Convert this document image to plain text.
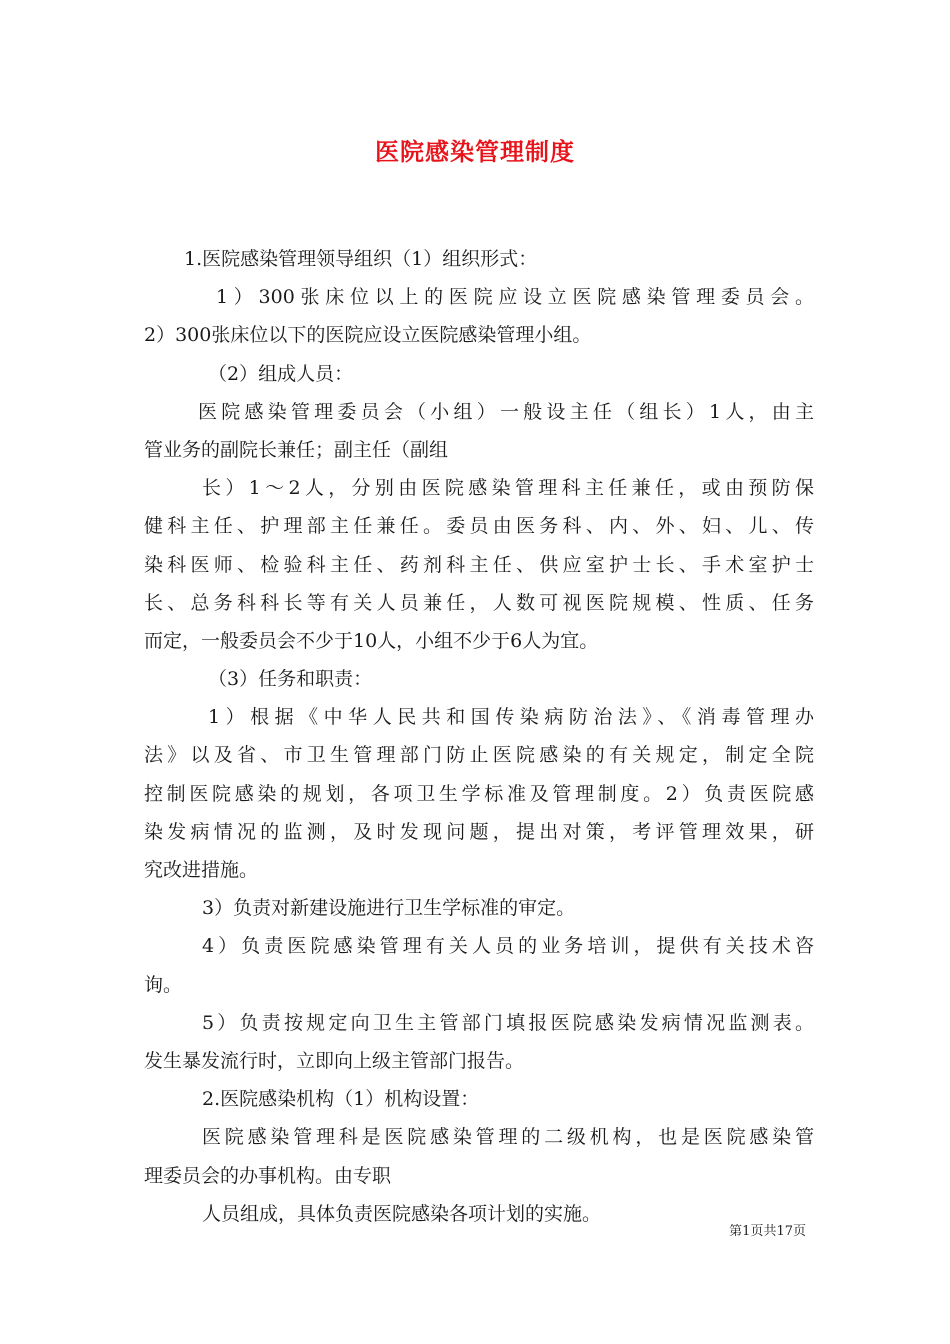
医院感染管理制度
1.医院感染管理领导组织（1）组织形式：
1）300张床位以上的医院应设立医院感染管理委员会。
2）300张床位以下的医院应设立医院感染管理小组。
（2）组成人员：
医院感染管理委员会（小组）一般设主任（组长）1人，由主
管业务的副院长兼任；副主任（副组
长）1～2人，分别由医院感染管理科主任兼任，或由预防保
健科主任、护理部主任兼任。委员由医务科、内、外、妇、儿、传
染科医师、检验科主任、药剂科主任、供应室护士长、手术室护士
长、总务科科长等有关人员兼任，人数可视医院规模、性质、任务
而定，一般委员会不少于10人，小组不少于6人为宜。
（3）任务和职责：
1）根据《中华人民共和国传染病防治法》、《消毒管理办
法》以及省、市卫生管理部门防止医院感染的有关规定，制定全院
控制医院感染的规划，各项卫生学标准及管理制度。2）负责医院感
染发病情况的监测，及时发现问题，提出对策，考评管理效果，研
究改进措施。
3）负责对新建设施进行卫生学标准的审定。
4）负责医院感染管理有关人员的业务培训，提供有关技术咨
询。
5）负责按规定向卫生主管部门填报医院感染发病情况监测表。
发生暴发流行时，立即向上级主管部门报告。
2.医院感染机构（1）机构设置：
医院感染管理科是医院感染管理的二级机构，也是医院感染管
理委员会的办事机构。由专职
人员组成，具体负责医院感染各项计划的实施。
第1页共17页
